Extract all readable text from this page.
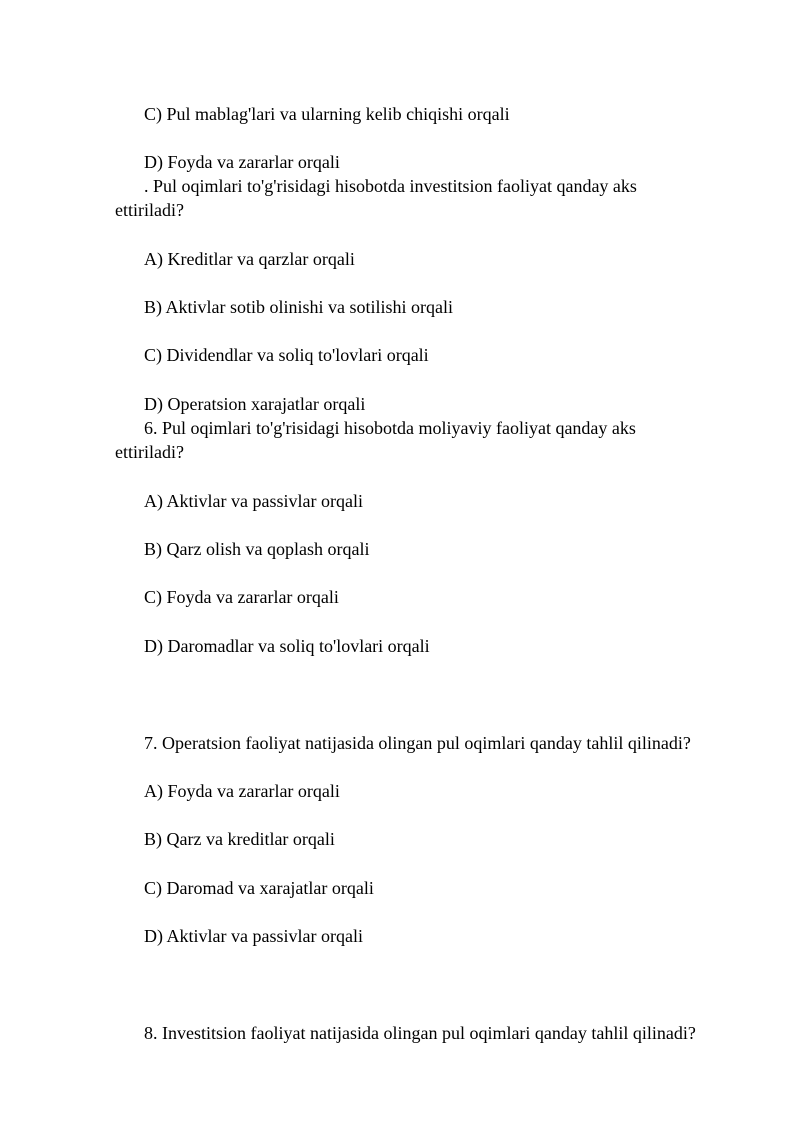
C) Pul mablag'lari va ularning kelib chiqishi orqali

D) Foyda va zararlar orqali

. Pul oqimlari to'g'risidagi hisobotda investitsion faoliyat qanday aks

ettiriladi?

A) Kreditlar va qarzlar orqali

B) Aktivlar sotib olinishi va sotilishi orqali

C) Dividendlar va soliq to'lovlari orqali

D) Operatsion xarajatlar orqali

6. Pul oqimlari to'g'risidagi hisobotda moliyaviy faoliyat qanday aks

ettiriladi?

A) Aktivlar va passivlar orqali

B) Qarz olish va qoplash orqali

C) Foyda va zararlar orqali

D) Daromadlar va soliq to'lovlari orqali

7. Operatsion faoliyat natijasida olingan pul oqimlari qanday tahlil qilinadi?

A) Foyda va zararlar orqali

B) Qarz va kreditlar orqali

C) Daromad va xarajatlar orqali

D) Aktivlar va passivlar orqali

8. Investitsion faoliyat natijasida olingan pul oqimlari qanday tahlil qilinadi?
